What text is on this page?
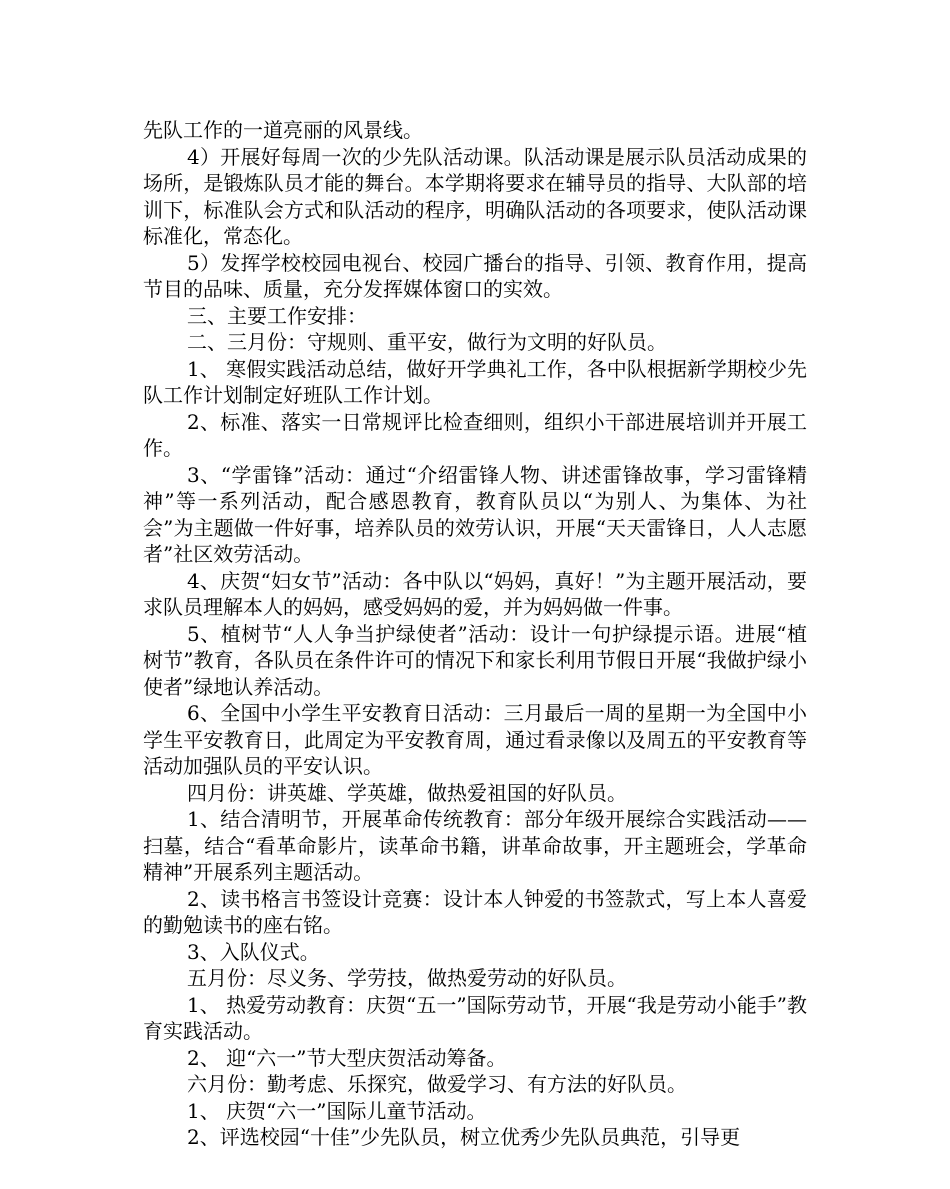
先队工作的一道亮丽的风景线。

4）开展好每周一次的少先队活动课。队活动课是展示队员活动成果的场所，是锻炼队员才能的舞台。本学期将要求在辅导员的指导、大队部的培训下，标准队会方式和队活动的程序，明确队活动的各项要求，使队活动课标准化，常态化。

5）发挥学校校园电视台、校园广播台的指导、引领、教育作用，提高节目的品味、质量，充分发挥媒体窗口的实效。

三、主要工作安排：

二、三月份：守规则、重平安，做行为文明的好队员。

1、 寒假实践活动总结，做好开学典礼工作，各中队根据新学期校少先队工作计划制定好班队工作计划。

2、标准、落实一日常规评比检查细则，组织小干部进展培训并开展工作。

3、“学雷锋”活动：通过“介绍雷锋人物、讲述雷锋故事，学习雷锋精神”等一系列活动，配合感恩教育，教育队员以“为别人、为集体、为社会”为主题做一件好事，培养队员的效劳认识，开展“天天雷锋日，人人志愿者”社区效劳活动。

4、庆贺“妇女节”活动：各中队以“妈妈，真好！”为主题开展活动，要求队员理解本人的妈妈，感受妈妈的爱，并为妈妈做一件事。

5、植树节“人人争当护绿使者”活动：设计一句护绿提示语。进展“植树节”教育，各队员在条件许可的情况下和家长利用节假日开展“我做护绿小使者”绿地认养活动。

6、全国中小学生平安教育日活动：三月最后一周的星期一为全国中小学生平安教育日，此周定为平安教育周，通过看录像以及周五的平安教育等活动加强队员的平安认识。

四月份：讲英雄、学英雄，做热爱祖国的好队员。

1、结合清明节，开展革命传统教育：部分年级开展综合实践活动——扫墓，结合“看革命影片，读革命书籍，讲革命故事，开主题班会，学革命精神”开展系列主题活动。

2、读书格言书签设计竞赛：设计本人钟爱的书签款式，写上本人喜爱的勤勉读书的座右铭。

3、入队仪式。

五月份：尽义务、学劳技，做热爱劳动的好队员。

1、 热爱劳动教育：庆贺“五一”国际劳动节，开展“我是劳动小能手”教育实践活动。

2、 迎“六一”节大型庆贺活动筹备。

六月份：勤考虑、乐探究，做爱学习、有方法的好队员。

1、 庆贺“六一”国际儿童节活动。

2、评选校园“十佳”少先队员，树立优秀少先队员典范，引导更
